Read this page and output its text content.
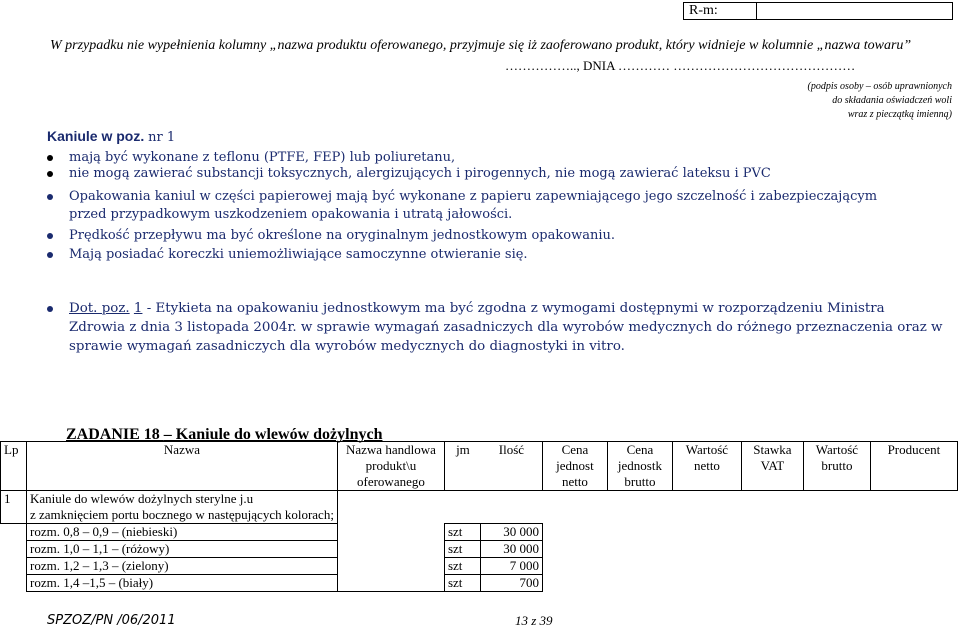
R-m:
W przypadku nie wypełnienia kolumny „nazwa produktu oferowanego, przyjmuje się iż zaoferowano produkt, który widnieje w kolumnie „nazwa towaru”
…………….., DNIA ………… ……………………………………
(podpis osoby – osób uprawnionych
do składania oświadczeń woli
wraz z pieczątką imienną)
Kaniule w poz. nr 1
mają być wykonane z teflonu (PTFE, FEP) lub poliuretanu,
nie mogą zawierać substancji toksycznych, alergizujących i pirogennych, nie mogą zawierać lateksu i PVC
Opakowania kaniul w części papierowej mają być wykonane z papieru zapewniającego jego szczelność i zabezpieczającym
przed przypadkowym uszkodzeniem opakowania i utratą jałowości.
Prędkość przepływu ma być określone na oryginalnym jednostkowym opakowaniu.
Mają posiadać koreczki uniemożliwiające samoczynne otwieranie się.
Dot. poz. 1 - Etykieta na opakowaniu jednostkowym ma być zgodna z wymogami dostępnymi w rozporządzeniu Ministra
Zdrowia z dnia 3 listopada 2004r. w sprawie wymagań zasadniczych dla wyrobów medycznych do różnego przeznaczenia oraz w
sprawie wymagań zasadniczych dla wyrobów medycznych do diagnostyki in vitro.
ZADANIE 18 – Kaniule do wlewów dożylnych
Lp	Nazwa	Nazwa handlowa produkt\u oferowanego	jm	Ilość	Cena jednost netto	Cena jednostk brutto	Wartość netto	Stawka VAT	Wartość brutto	Producent
1	Kaniule do wlewów dożylnych sterylne j.u
z zamknięciem portu bocznego w następujących kolorach;									

	rozm. 0,8 – 0,9 – (niebieski)		szt	30 000						
	rozm. 1,0 – 1,1 – (różowy)		szt	30 000						
	rozm. 1,2 – 1,3 – (zielony)		szt	7 000						
	rozm. 1,4 –1,5 – (biały)		szt	700						
SPZOZ/PN /06/2011	13 z 39
